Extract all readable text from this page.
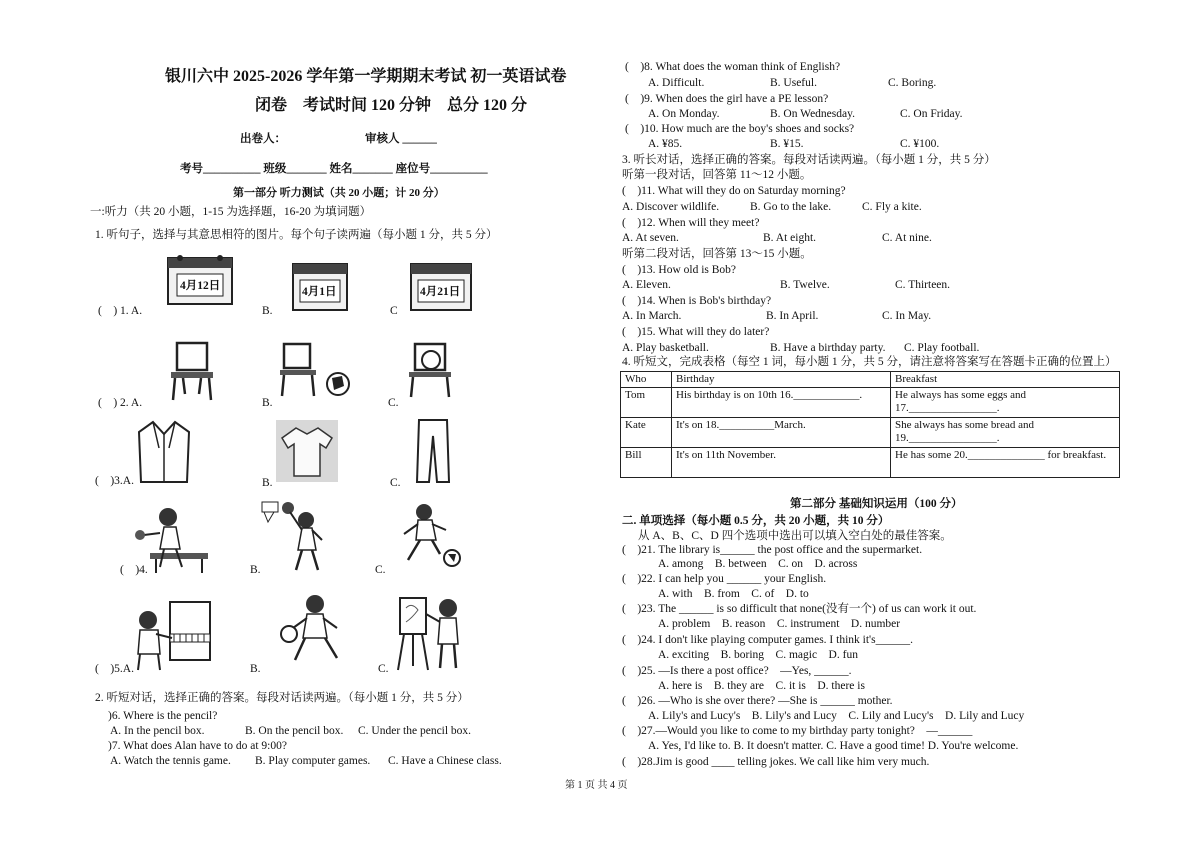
银川六中 2025-2026 学年第一学期期末考试 初一英语试卷
闭卷　考试时间 120 分钟　总分 120 分
出卷人：	审核人 ______
考号__________ 班级_______ 姓名_______ 座位号__________
第一部分 听力测试（共 20 小题；计 20 分）
一:听力（共 20 小题，1-15 为选择题，16-20 为填词题）
1. 听句子，选择与其意思相符的图片。每个句子读两遍（每小题 1 分，共 5 分）
(　) 1. A.
4月12日
B.
4月1日
C
4月21日
(　) 2. A.	B.	C.
(　)3.A.	B.	C.
(　)4.	B.	C.
(　)5.A.	B.	C.
2. 听短对话，选择正确的答案。每段对话读两遍。（每小题 1 分，共 5 分）
)6. Where is the pencil?
A. In the pencil box.	B. On the pencil box. C. Under the pencil box.
)7. What does Alan have to do at 9:00?
A. Watch the tennis game. B. Play computer games. C. Have a Chinese class.
(　)8. What does the woman think of English?
A. Difficult.	B. Useful.	C. Boring.
(　)9. When does the girl have a PE lesson?
A. On Monday.	B. On Wednesday.	C. On Friday.
(　)10. How much are the boy's shoes and socks?
A. ¥85.	B. ¥15.	C. ¥100.
3. 听长对话，选择正确的答案。每段对话读两遍。（每小题 1 分，共 5 分）
听第一段对话，回答第 11～12 小题。
(　)11. What will they do on Saturday morning?
A. Discover wildlife.	B. Go to the lake.	C. Fly a kite.
(　)12. When will they meet?
A. At seven.	B. At eight.	C. At nine.
听第二段对话，回答第 13～15 小题。
(　)13. How old is Bob?
A. Eleven.	B. Twelve.	C. Thirteen.
(　)14. When is Bob's birthday?
A. In March.	B. In April.	C. In May.
(　)15. What will they do later?
A. Play basketball.	B. Have a birthday party. C. Play football.
4. 听短文，完成表格（每空 1 词，每小题 1 分，共 5 分，请注意将答案写在答题卡正确的位置上）
Who	Birthday	Breakfast
Tom	His birthday is on 10th 16.____________.	He always has some eggs and 17.________________.
Kate	It's on 18.__________March.	She always has some bread and 19.________________.
Bill	It's on 11th November.	He has some 20.______________ for breakfast.
第二部分 基础知识运用（100 分）
二. 单项选择（每小题 0.5 分，共 20 小题，共 10 分）
从 A、B、C、D 四个选项中选出可以填入空白处的最佳答案。
(　)21. The library is______ the post office and the supermarket.
A. among　B. between　C. on　D. across
(　)22. I can help you ______ your English.
A. with　B. from　C. of　D. to
(　)23. The ______ is so difficult that none(没有一个) of us can work it out.
A. problem　B. reason　C. instrument　D. number
(　)24. I don't like playing computer games. I think it's______.
A. exciting　B. boring　C. magic　D. fun
(　)25. —Is there a post office?　—Yes, ______.
A. here is　B. they are　C. it is　D. there is
(　)26. —Who is she over there? —She is ______ mother.
A. Lily's and Lucy's　B. Lily's and Lucy　C. Lily and Lucy's　D. Lily and Lucy
(　)27.—Would you like to come to my birthday party tonight?　—______
A. Yes, I'd like to. B. It doesn't matter. C. Have a good time! D. You're welcome.
(　)28.Jim is good ____ telling jokes. We call like him very much.
第 1 页 共 4 页
